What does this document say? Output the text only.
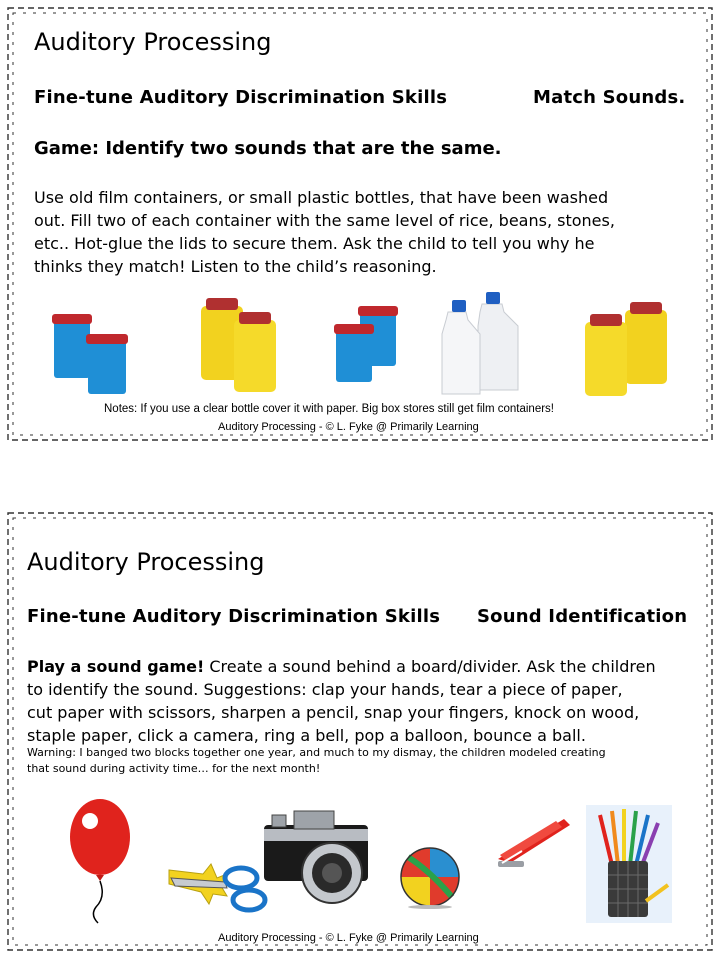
Auditory Processing
Fine-tune Auditory Discrimination Skills	Match Sounds.
Game: Identify two sounds that are the same.
Use old film containers, or small plastic bottles, that have been washed
out. Fill two of each container with the same level of rice, beans, stones,
etc.. Hot-glue the lids to secure them. Ask the child to tell you why he
thinks they match! Listen to the child’s reasoning.
Notes: If you use a clear bottle cover it with paper. Big box stores still get film containers!
Auditory Processing - © L. Fyke @ Primarily Learning
Auditory Processing
Fine-tune Auditory Discrimination Skills Sound Identification
Play a sound game! Create a sound behind a board/divider. Ask the children
to identify the sound. Suggestions: clap your hands, tear a piece of paper,
cut paper with scissors, sharpen a pencil, snap your fingers, knock on wood,
staple paper, click a camera, ring a bell, pop a balloon, bounce a ball.
Warning: I banged two blocks together one year, and much to my dismay, the children modeled creating
that sound during activity time… for the next month!
Auditory Processing - © L. Fyke @ Primarily Learning
